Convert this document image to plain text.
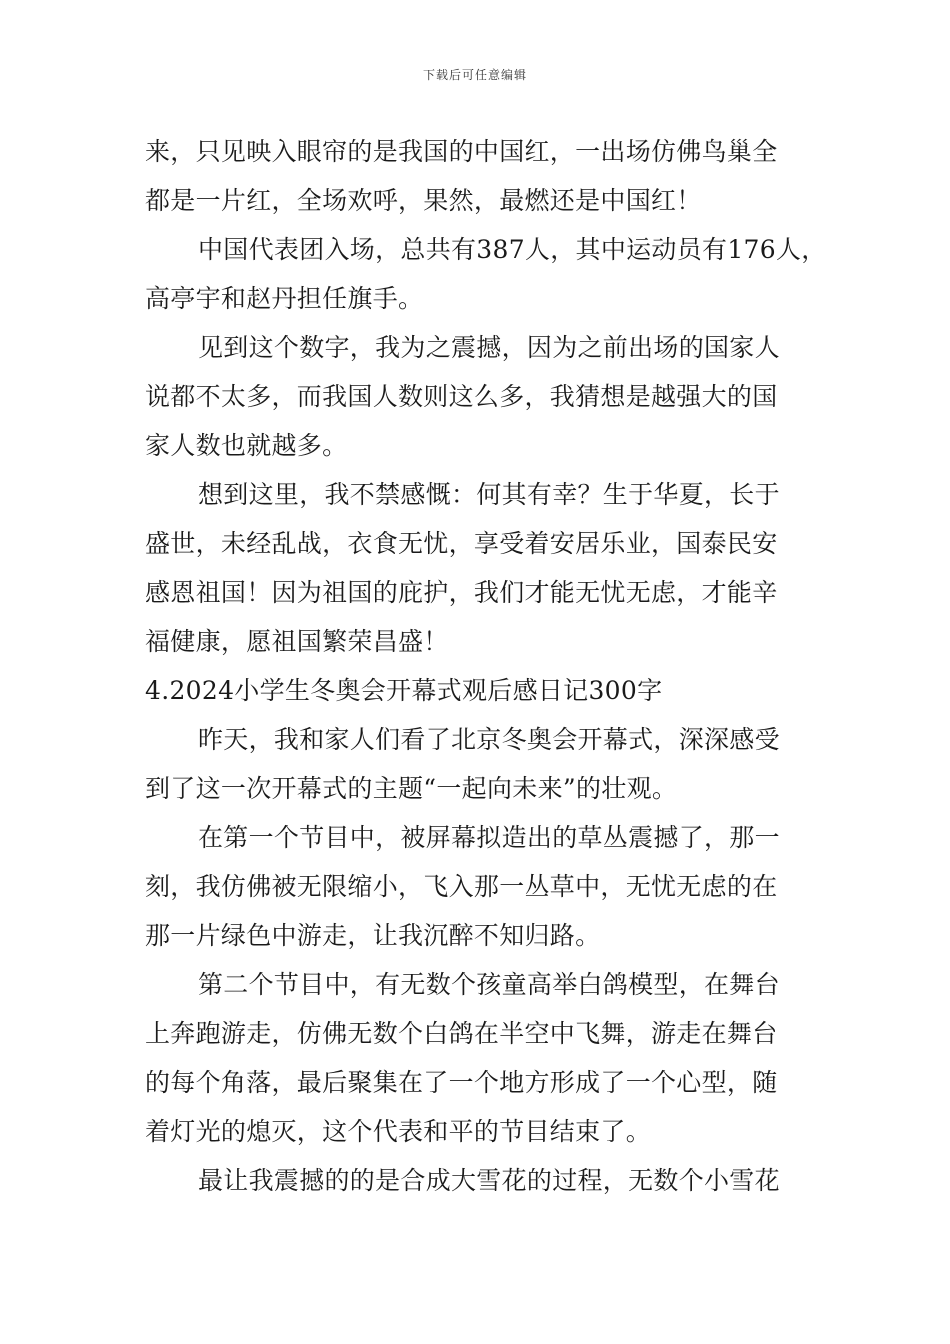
下载后可任意编辑
来，只见映入眼帘的是我国的中国红，一出场仿佛鸟巢全
都是一片红，全场欢呼，果然，最燃还是中国红！
中国代表团入场，总共有387人，其中运动员有176人，
高亭宇和赵丹担任旗手。
见到这个数字，我为之震撼，因为之前出场的国家人
说都不太多，而我国人数则这么多，我猜想是越强大的国
家人数也就越多。
想到这里，我不禁感慨：何其有幸？生于华夏，长于
盛世，未经乱战，衣食无忧，享受着安居乐业，国泰民安
感恩祖国！因为祖国的庇护，我们才能无忧无虑，才能辛
福健康，愿祖国繁荣昌盛！
4.2024小学生冬奥会开幕式观后感日记300字
昨天，我和家人们看了北京冬奥会开幕式，深深感受
到了这一次开幕式的主题“一起向未来”的壮观。
在第一个节目中，被屏幕拟造出的草丛震撼了，那一
刻，我仿佛被无限缩小，飞入那一丛草中，无忧无虑的在
那一片绿色中游走，让我沉醉不知归路。
第二个节目中，有无数个孩童高举白鸽模型，在舞台
上奔跑游走，仿佛无数个白鸽在半空中飞舞，游走在舞台
的每个角落，最后聚集在了一个地方形成了一个心型，随
着灯光的熄灭，这个代表和平的节目结束了。
最让我震撼的的是合成大雪花的过程，无数个小雪花
